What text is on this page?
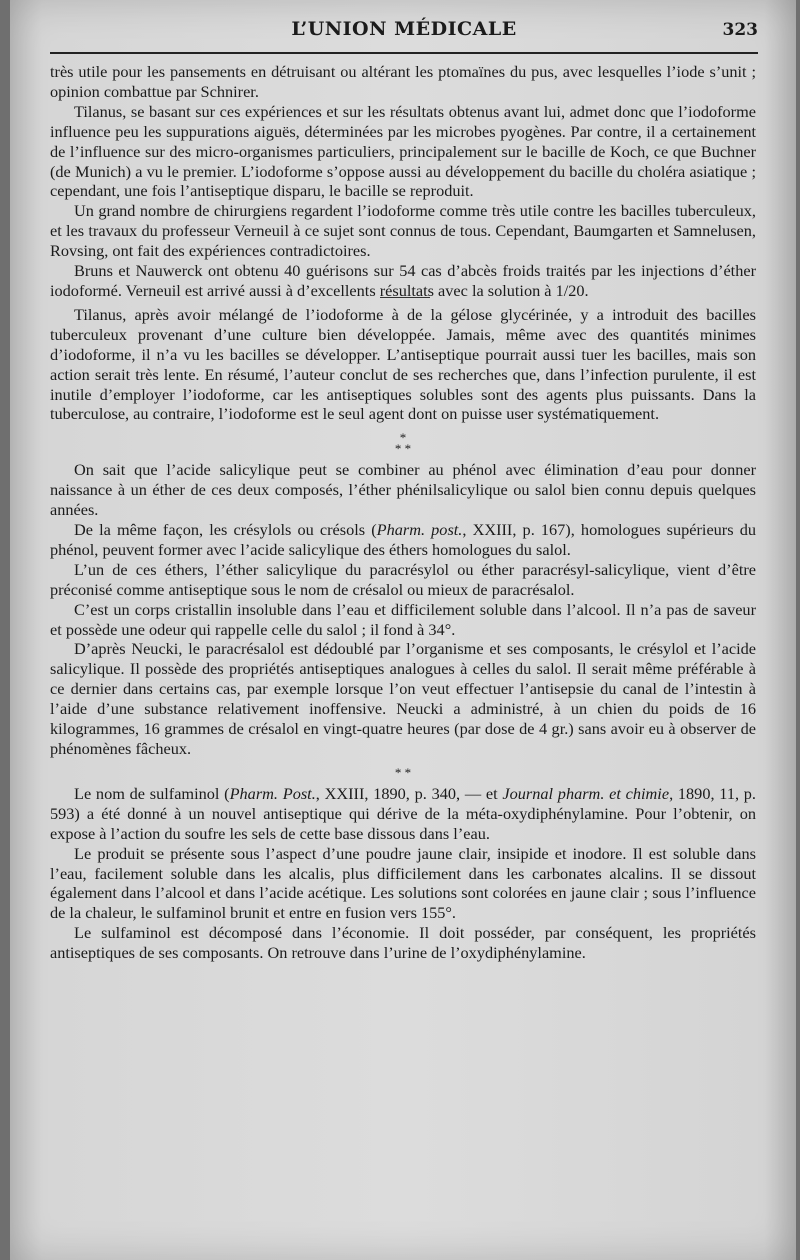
L’UNION MÉDICALE	323

très utile pour les pansements en détruisant ou altérant les ptomaïnes du pus, avec lesquelles l’iode s’unit ; opinion combattue par Schnirer.

Tilanus, se basant sur ces expériences et sur les résultats obtenus avant lui, admet donc que l’iodoforme influence peu les suppurations aiguës, déterminées par les microbes pyogènes. Par contre, il a certainement de l’influence sur des micro-organismes particuliers, principalement sur le bacille de Koch, ce que Buchner (de Munich) a vu le premier. L’iodoforme s’oppose aussi au développement du bacille du choléra asiatique ; cependant, une fois l’antiseptique disparu, le bacille se reproduit.

Un grand nombre de chirurgiens regardent l’iodoforme comme très utile contre les bacilles tuberculeux, et les travaux du professeur Verneuil à ce sujet sont connus de tous. Cependant, Baumgarten et Samnelusen, Rovsing, ont fait des expériences contradictoires.

Bruns et Nauwerck ont obtenu 40 guérisons sur 54 cas d’abcès froids traités par les injections d’éther iodoformé. Verneuil est arrivé aussi à d’excellents résultats avec la solution à 1/20.

Tilanus, après avoir mélangé de l’iodoforme à de la gélose glycérinée, y a introduit des bacilles tuberculeux provenant d’une culture bien développée. Jamais, même avec des quantités minimes d’iodoforme, il n’a vu les bacilles se développer. L’antiseptique pourrait aussi tuer les bacilles, mais son action serait très lente. En résumé, l’auteur conclut de ses recherches que, dans l’infection purulente, il est inutile d’employer l’iodoforme, car les antiseptiques solubles sont des agents plus puissants. Dans la tuberculose, au contraire, l’iodoforme est le seul agent dont on puisse user systématiquement.

*
* *

On sait que l’acide salicylique peut se combiner au phénol avec élimination d’eau pour donner naissance à un éther de ces deux composés, l’éther phénilsalicylique ou salol bien connu depuis quelques années.

De la même façon, les crésylols ou crésols (Pharm. post., XXIII, p. 167), homologues supérieurs du phénol, peuvent former avec l’acide salicylique des éthers homologues du salol.

L’un de ces éthers, l’éther salicylique du paracrésylol ou éther paracrésyl-salicylique, vient d’être préconisé comme antiseptique sous le nom de crésalol ou mieux de paracrésalol.

C’est un corps cristallin insoluble dans l’eau et difficilement soluble dans l’alcool. Il n’a pas de saveur et possède une odeur qui rappelle celle du salol ; il fond à 34°.

D’après Neucki, le paracrésalol est dédoublé par l’organisme et ses composants, le crésylol et l’acide salicylique. Il possède des propriétés antiseptiques analogues à celles du salol. Il serait même préférable à ce dernier dans certains cas, par exemple lorsque l’on veut effectuer l’antisepsie du canal de l’intestin à l’aide d’une substance relativement inoffensive. Neucki a administré, à un chien du poids de 16 kilogrammes, 16 grammes de crésalol en vingt-quatre heures (par dose de 4 gr.) sans avoir eu à observer de phénomènes fâcheux.

* *

Le nom de sulfaminol (Pharm. Post., XXIII, 1890, p. 340, — et Journal pharm. et chimie, 1890, 11, p. 593) a été donné à un nouvel antiseptique qui dérive de la méta-oxydiphénylamine. Pour l’obtenir, on expose à l’action du soufre les sels de cette base dissous dans l’eau.

Le produit se présente sous l’aspect d’une poudre jaune clair, insipide et inodore. Il est soluble dans l’eau, facilement soluble dans les alcalis, plus difficilement dans les carbonates alcalins. Il se dissout également dans l’alcool et dans l’acide acétique. Les solutions sont colorées en jaune clair ; sous l’influence de la chaleur, le sulfaminol brunit et entre en fusion vers 155°.

Le sulfaminol est décomposé dans l’économie. Il doit posséder, par conséquent, les propriétés antiseptiques de ses composants. On retrouve dans l’urine de l’oxydiphénylamine.
